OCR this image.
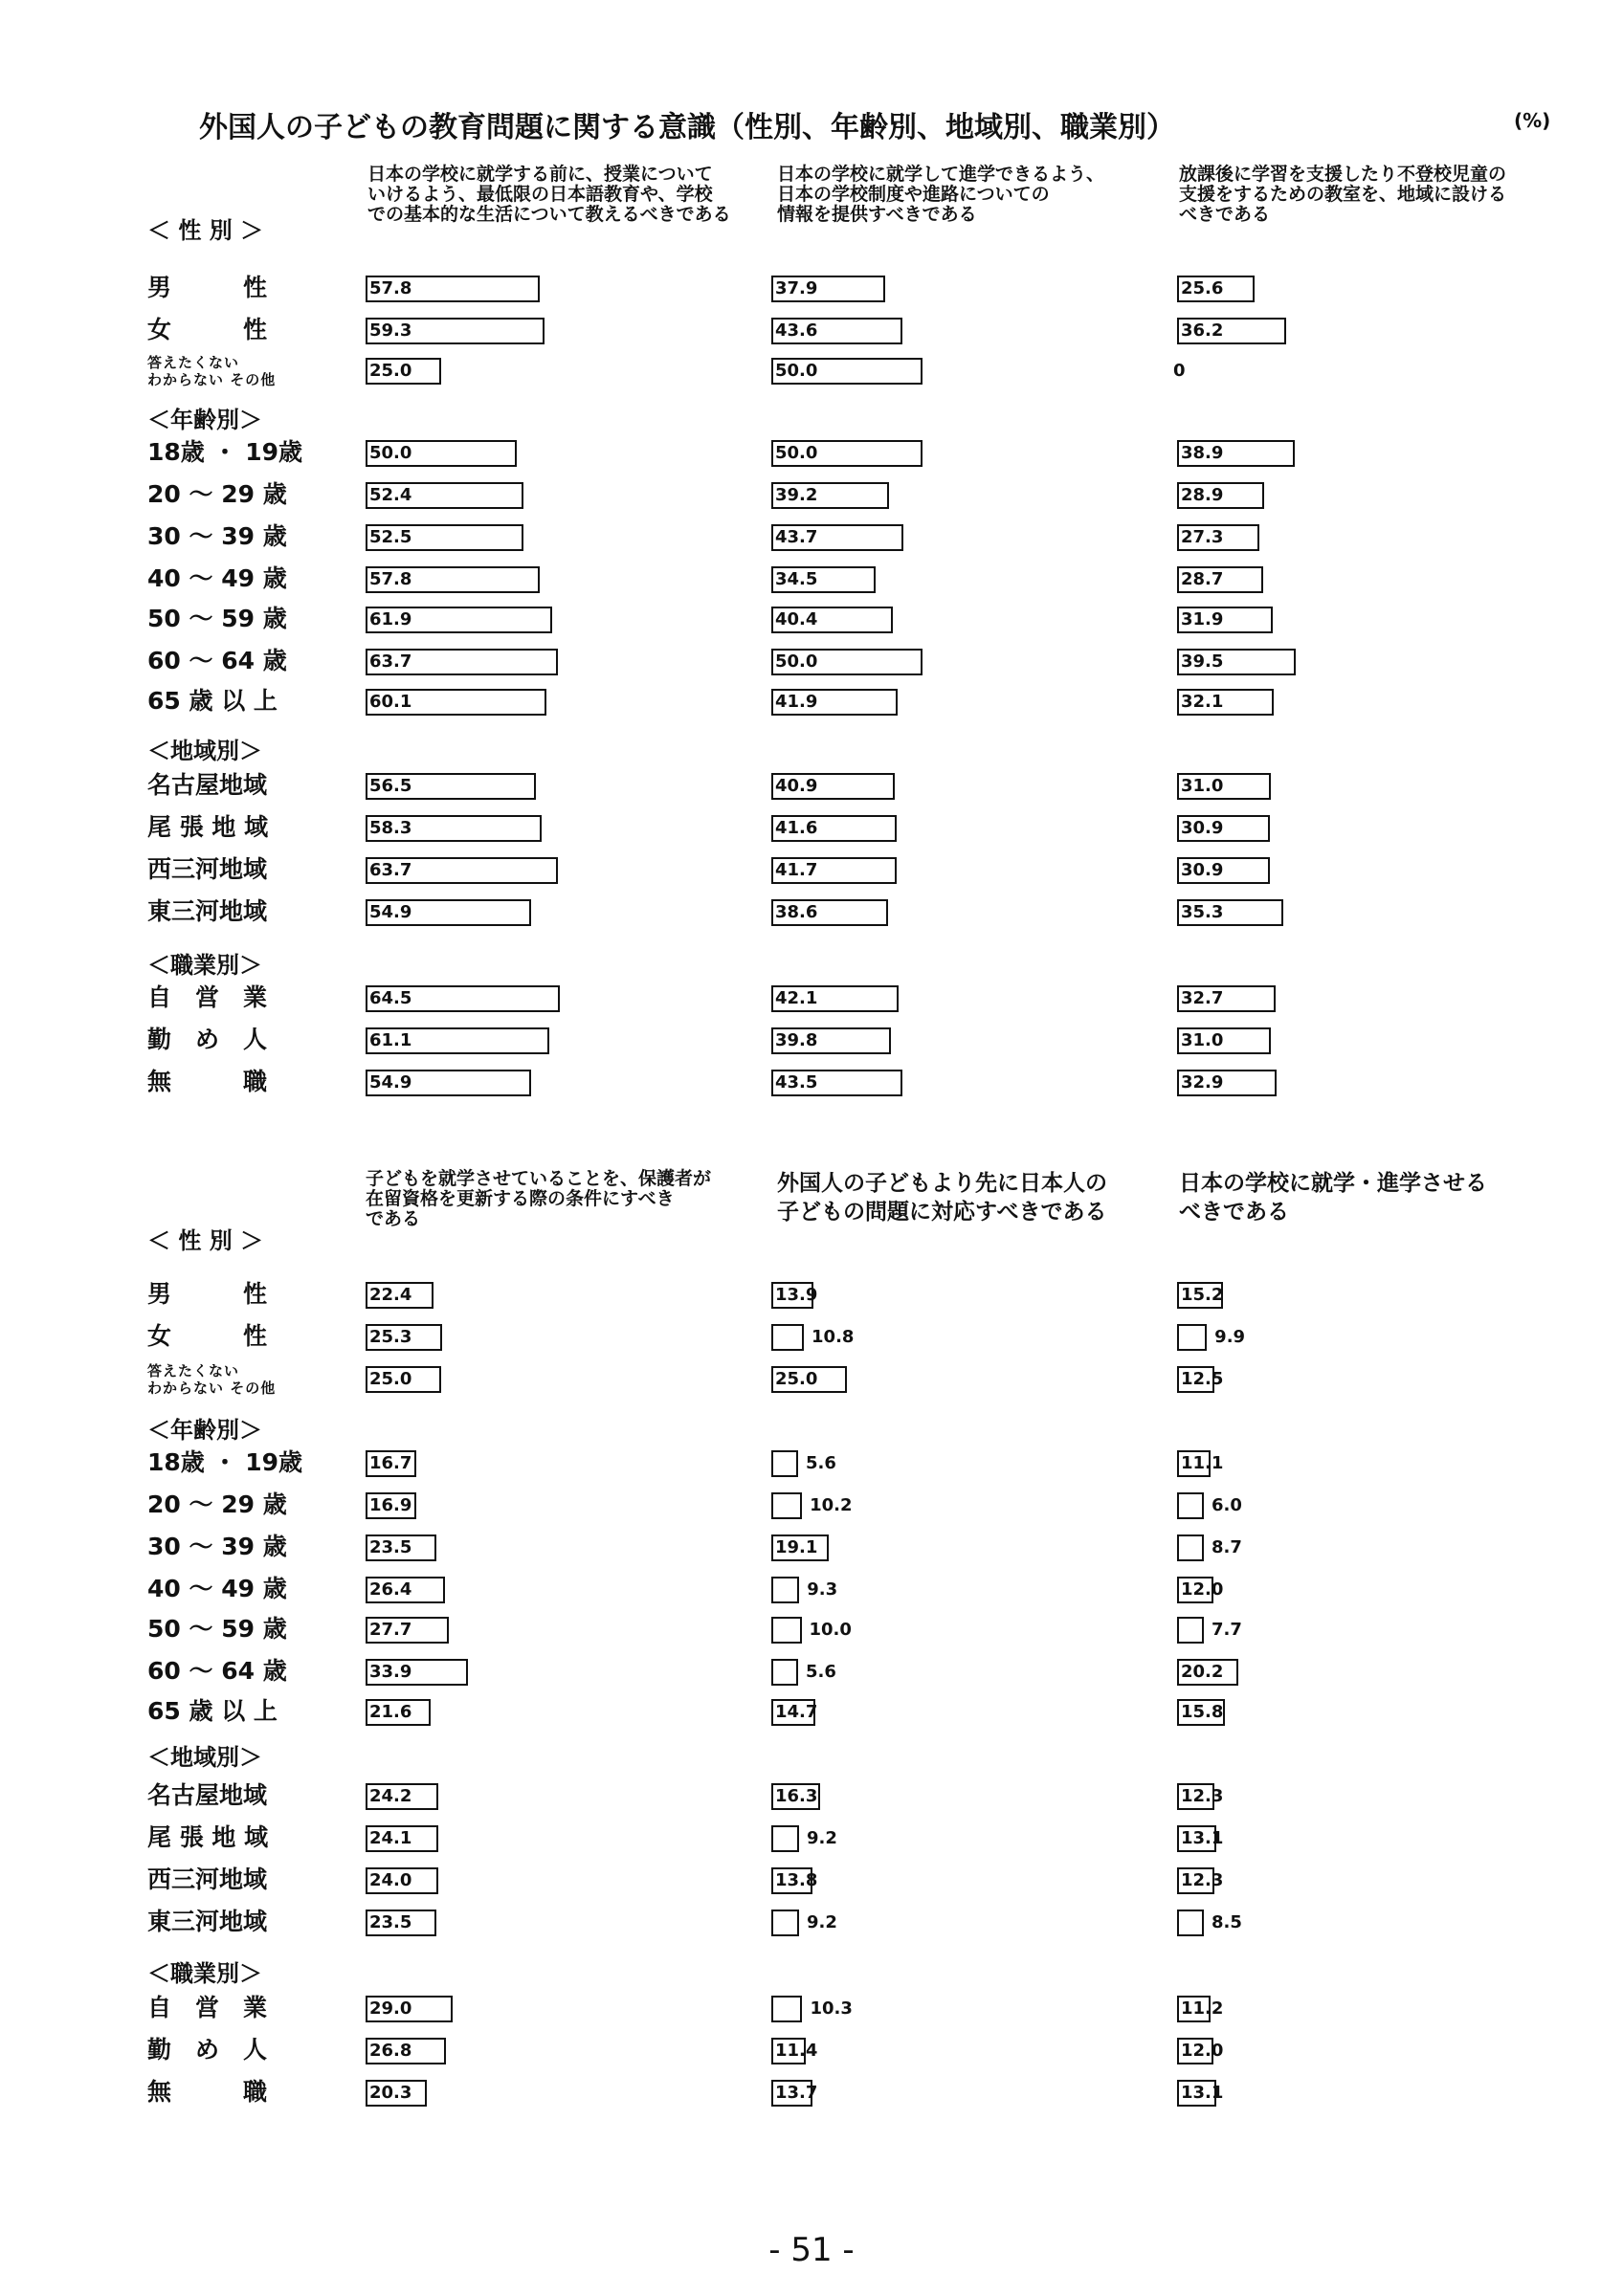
外国人の子どもの教育問題に関する意識（性別、年齢別、地域別、職業別）	(%)
日本の学校に就学する前に、授業について
いけるよう、最低限の日本語教育や、学校
での基本的な生活について教えるべきである
日本の学校に就学して進学できるよう、
日本の学校制度や進路についての
情報を提供すべきである
放課後に学習を支援したり不登校児童の
支援をするための教室を、地域に設ける
べきである
＜ 性 別 ＞
男　　　性	57.8	37.9	25.6
女　　　性	59.3	43.6	36.2
答えたくない
わからない その他	25.0	50.0	0
＜年齢別＞
18歳 ・ 19歳	50.0	50.0	38.9
20 ～ 29 歳	52.4	39.2	28.9
30 ～ 39 歳	52.5	43.7	27.3
40 ～ 49 歳	57.8	34.5	28.7
50 ～ 59 歳	61.9	40.4	31.9
60 ～ 64 歳	63.7	50.0	39.5
65 歳 以 上	60.1	41.9	32.1
＜地域別＞
名古屋地域	56.5	40.9	31.0
尾 張 地 域	58.3	41.6	30.9
西三河地域	63.7	41.7	30.9
東三河地域	54.9	38.6	35.3
＜職業別＞
自　営　業	64.5	42.1	32.7
勤　め　人	61.1	39.8	31.0
無　　　職	54.9	43.5	32.9
子どもを就学させていることを、保護者が
在留資格を更新する際の条件にすべき
である
外国人の子どもより先に日本人の
子どもの問題に対応すべきである
日本の学校に就学・進学させる
べきである
＜ 性 別 ＞
男　　　性	22.4	13.9	15.2
女　　　性	25.3	10.8	9.9
答えたくない
わからない その他	25.0	25.0	12.5
＜年齢別＞
18歳 ・ 19歳	16.7	5.6	11.1
20 ～ 29 歳	16.9	10.2	6.0
30 ～ 39 歳	23.5	19.1	8.7
40 ～ 49 歳	26.4	9.3	12.0
50 ～ 59 歳	27.7	10.0	7.7
60 ～ 64 歳	33.9	5.6	20.2
65 歳 以 上	21.6	14.7	15.8
＜地域別＞
名古屋地域	24.2	16.3	12.3
尾 張 地 域	24.1	9.2	13.1
西三河地域	24.0	13.8	12.3
東三河地域	23.5	9.2	8.5
＜職業別＞
自　営　業	29.0	10.3	11.2
勤　め　人	26.8	11.4	12.0
無　　　職	20.3	13.7	13.1
- 51 -
